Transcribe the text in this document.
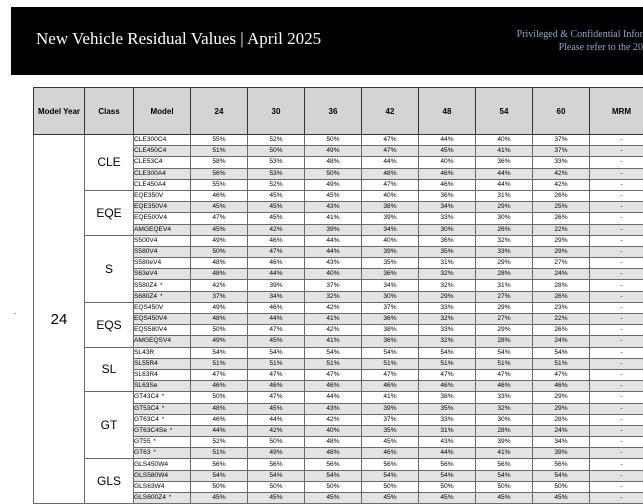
New Vehicle Residual Values | April 2025	Privileged & Confidential Infor
Please refer to the 20
Model Year	Class	Model	24	30	36	42	48	54	60	MRM
24	CLE	CLE300C4	55%	52%	50%	47%	44%	40%	37%	-
		CLE450C4	51%	50%	49%	47%	45%	41%	37%	-
		CLE53C4	58%	53%	48%	44%	40%	36%	33%	-
		CLE300A4	56%	53%	50%	48%	46%	44%	42%	-
		CLE450A4	55%	52%	49%	47%	46%	44%	42%	-
	EQE	EQE350V	46%	45%	45%	40%	36%	31%	26%	-
		EQE350V4	45%	45%	43%	38%	34%	29%	25%	-
		EQE500V4	47%	45%	41%	39%	33%	30%	26%	-
		AMGEQEV4	45%	42%	39%	34%	30%	26%	22%	-
	S	S500V4	49%	46%	44%	40%	36%	32%	29%	-
		S580V4	50%	47%	44%	39%	35%	33%	29%	-
		S580eV4	48%	46%	43%	35%	31%	29%	27%	-
		S63eV4	48%	44%	40%	36%	32%	28%	24%	-
		S580Z4 *	42%	39%	37%	34%	32%	31%	28%	-
		S680Z4 *	37%	34%	32%	30%	29%	27%	26%	-
	EQS	EQS450V	49%	46%	42%	37%	33%	29%	23%	-
		EQS450V4	48%	44%	41%	36%	32%	27%	22%	-
		EQS580V4	50%	47%	42%	38%	33%	29%	26%	-
		AMGEQSV4	49%	45%	41%	36%	32%	28%	24%	-
	SL	SL43R	54%	54%	54%	54%	54%	54%	54%	-
		SL55R4	51%	51%	51%	51%	51%	51%	51%	-
		SL63R4	47%	47%	47%	47%	47%	47%	47%	-
		SL63Se	46%	46%	46%	46%	46%	46%	46%	-
	GT	GT43C4 *	50%	47%	44%	41%	38%	33%	29%	-
		GT53C4 *	48%	45%	43%	39%	35%	32%	29%	-
		GT63C4 *	46%	44%	42%	37%	33%	30%	28%	-
		GT63C4Se *	44%	42%	40%	35%	31%	28%	24%	-
		GT55 *	52%	50%	48%	45%	43%	39%	34%	-
		GT63 *	51%	49%	48%	46%	44%	41%	39%	-
	GLS	GLS450W4	56%	56%	56%	56%	56%	56%	56%	-
		GLS580W4	54%	54%	54%	54%	54%	54%	54%	-
		GLS63W4	50%	50%	50%	50%	50%	50%	50%	-
		GLS600Z4 *	45%	45%	45%	45%	45%	45%	45%	-
